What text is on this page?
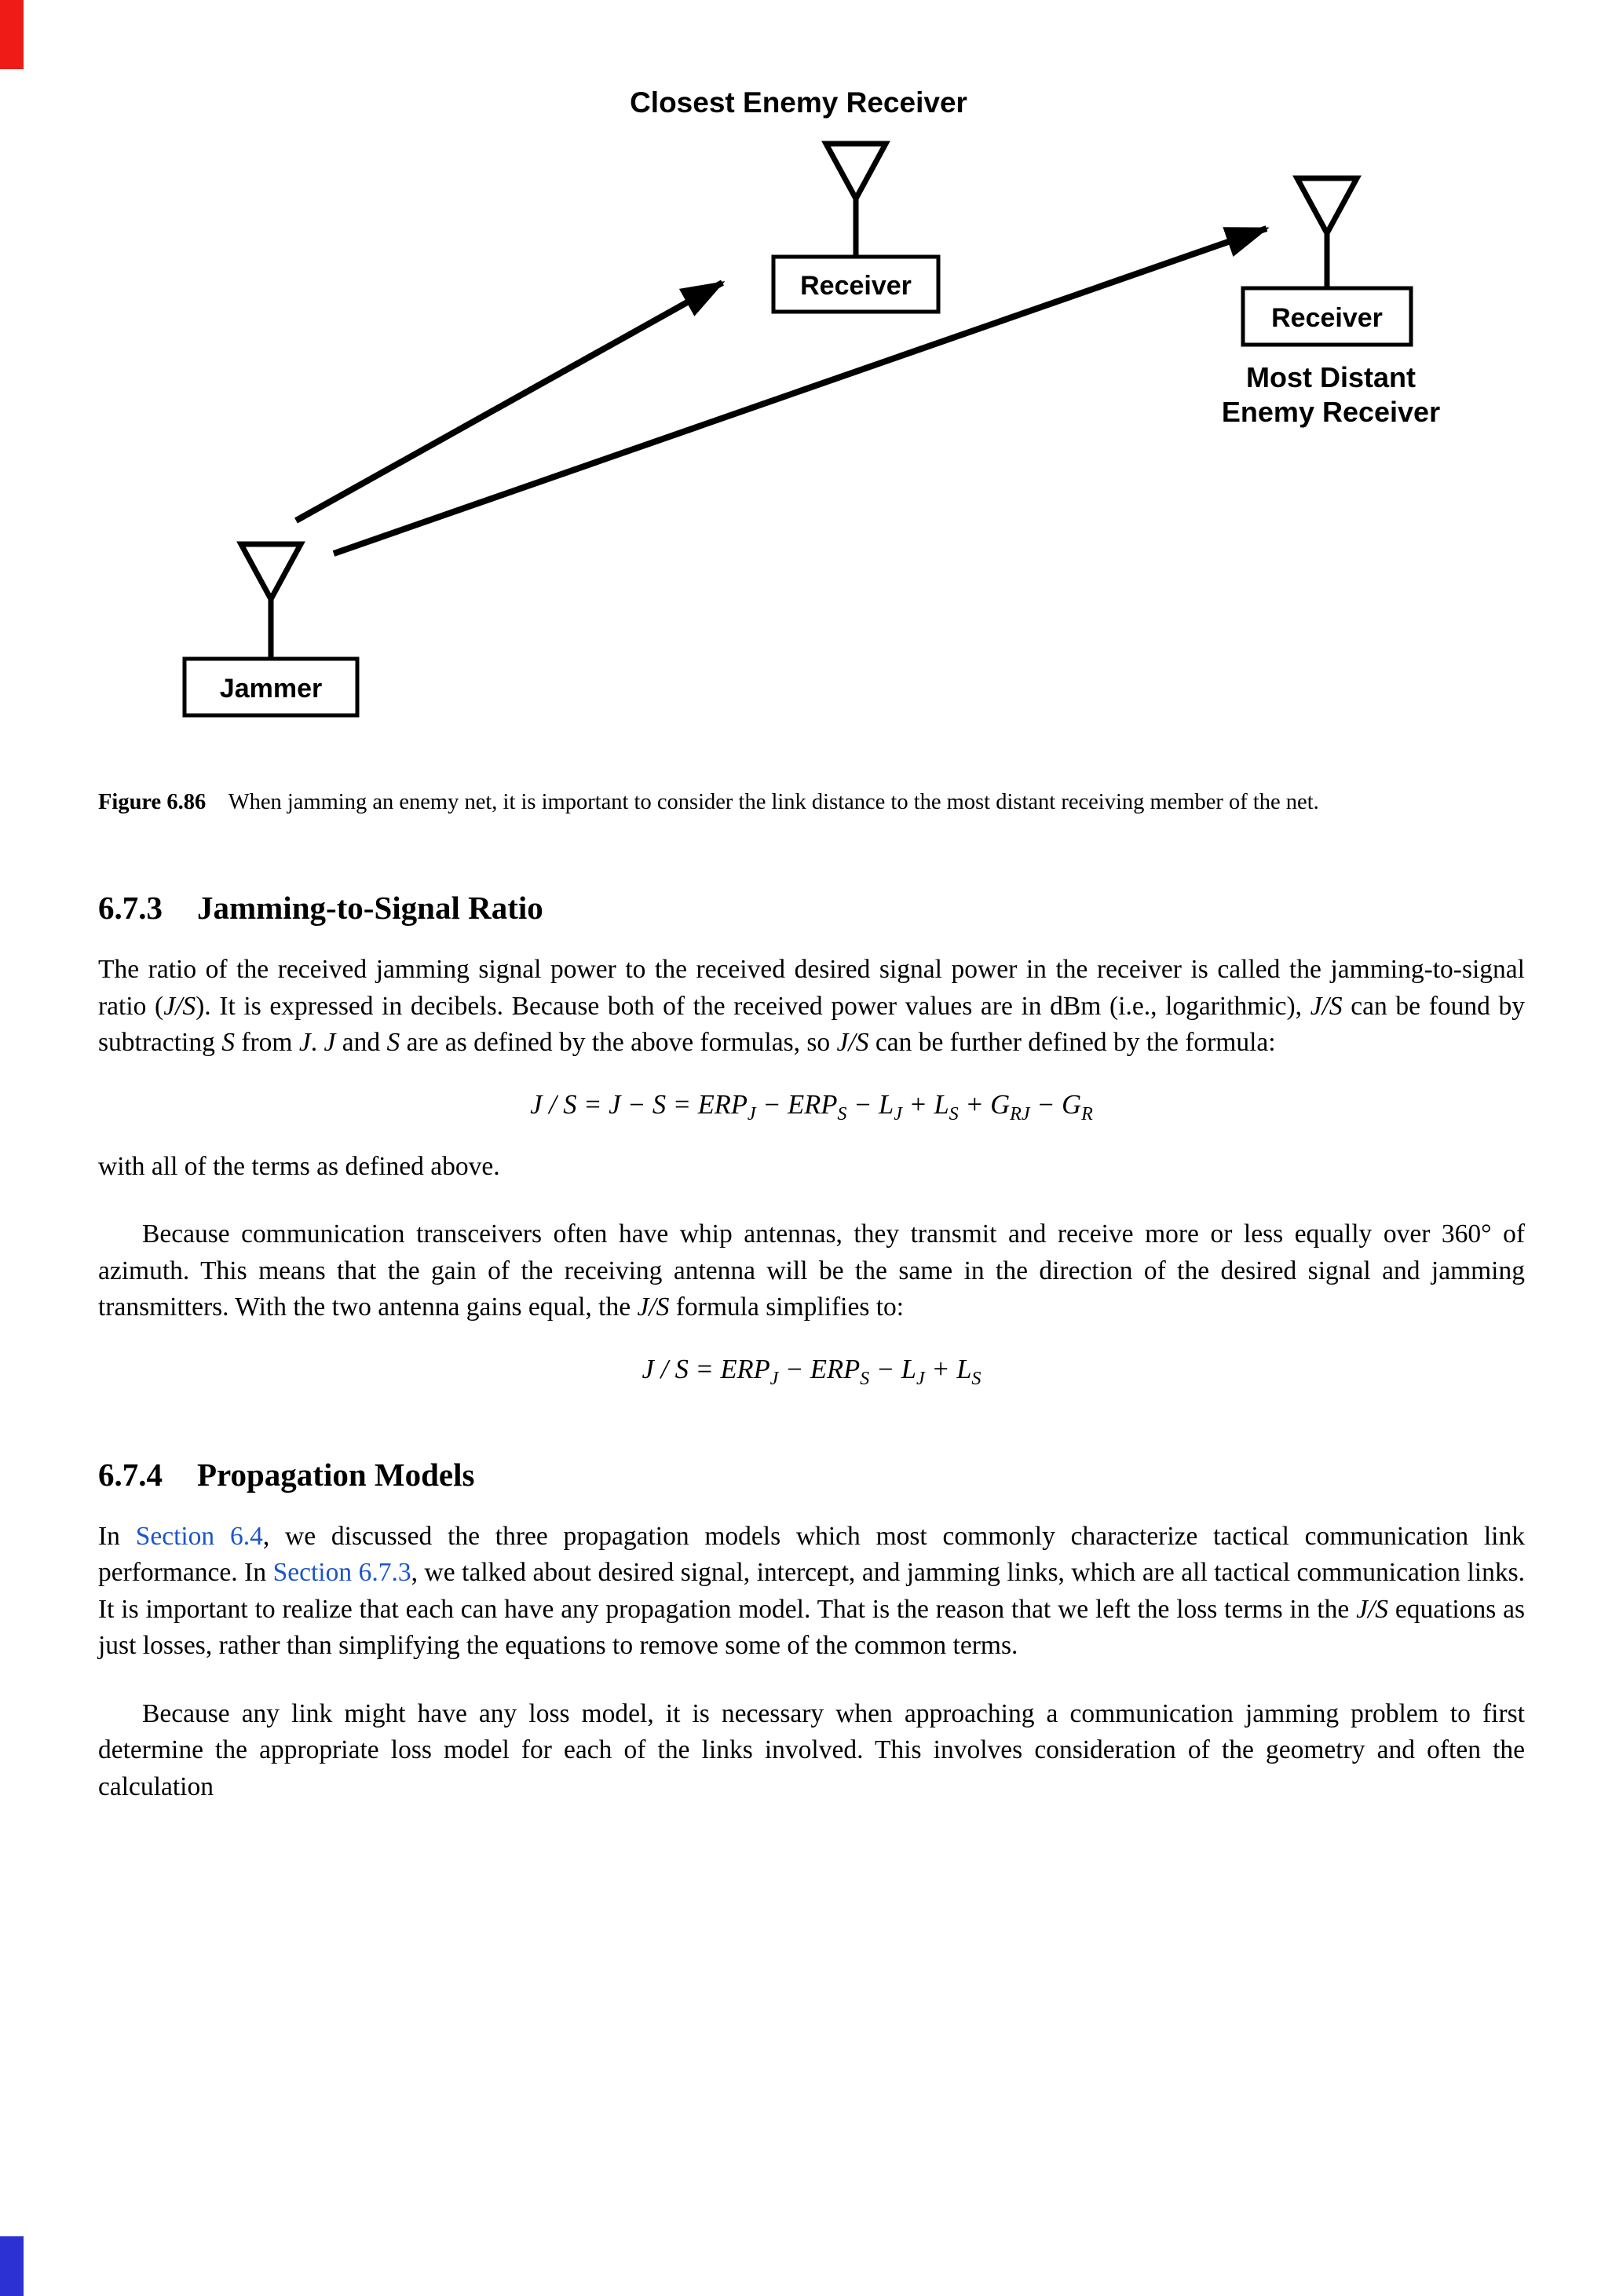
Closest Enemy Receiver
Receiver
Receiver
Most Distant
Enemy Receiver
Jammer

Figure 6.86  When jamming an enemy net, it is important to consider the link distance to the most distant receiving member of the net.

6.7.3 Jamming-to-Signal Ratio

The ratio of the received jamming signal power to the received desired signal power in the receiver is called the jamming-to-signal ratio (J/S). It is expressed in decibels. Because both of the received power values are in dBm (i.e., logarithmic), J/S can be found by subtracting S from J. J and S are as defined by the above formulas, so J/S can be further defined by the formula:

$J / S = J - S = ERP_J - ERP_S - L_J + L_S + G_{RJ} - G_R$

with all of the terms as defined above.

Because communication transceivers often have whip antennas, they transmit and receive more or less equally over 360° of azimuth. This means that the gain of the receiving antenna will be the same in the direction of the desired signal and jamming transmitters. With the two antenna gains equal, the J/S formula simplifies to:

$J / S = ERP_J - ERP_S - L_J + L_S$
6.7.4 Propagation Models

In Section 6.4, we discussed the three propagation models which most commonly characterize tactical communication link performance. In Section 6.7.3, we talked about desired signal, intercept, and jamming links, which are all tactical communication links. It is important to realize that each can have any propagation model. That is the reason that we left the loss terms in the J/S equations as just losses, rather than simplifying the equations to remove some of the common terms.

Because any link might have any loss model, it is necessary when approaching a communication jamming problem to first determine the appropriate loss model for each of the links involved. This involves consideration of the geometry and often the calculation
